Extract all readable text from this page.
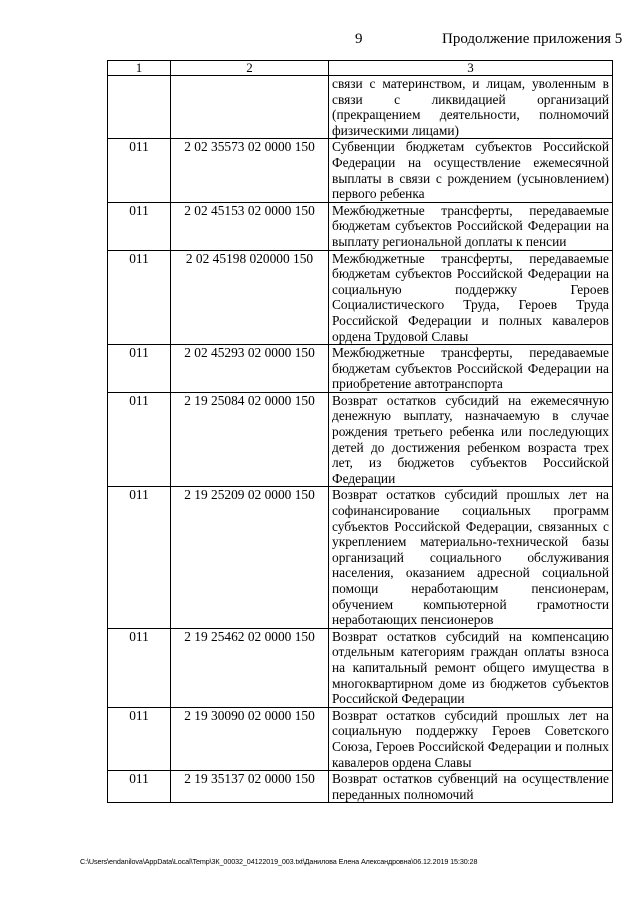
9	Продолжение приложения 5
1	2	3
		связи с материнством, и лицам, уволенным в связи с ликвидацией организаций (прекращением деятельности, полномочий физическими лицами)
011	2 02 35573 02 0000 150	Субвенции бюджетам субъектов Российской Федерации на осуществление ежемесячной выплаты в связи с рождением (усыновлением) первого ребенка
011	2 02 45153 02 0000 150	Межбюджетные трансферты, передаваемые бюджетам субъектов Российской Федерации на выплату региональной доплаты к пенсии
011	2 02 45198 020000 150	Межбюджетные трансферты, передаваемые бюджетам субъектов Российской Федерации на социальную поддержку Героев Социалистического Труда, Героев Труда Российской Федерации и полных кавалеров ордена Трудовой Славы
011	2 02 45293 02 0000 150	Межбюджетные трансферты, передаваемые бюджетам субъектов Российской Федерации на приобретение автотранспорта
011	2 19 25084 02 0000 150	Возврат остатков субсидий на ежемесячную денежную выплату, назначаемую в случае рождения третьего ребенка или последующих детей до достижения ребенком возраста трех лет, из бюджетов субъектов Российской Федерации
011	2 19 25209 02 0000 150	Возврат остатков субсидий прошлых лет на софинансирование социальных программ субъектов Российской Федерации, связанных с укреплением материально-технической базы организаций социального обслуживания населения, оказанием адресной социальной помощи неработающим пенсионерам, обучением компьютерной грамотности неработающих пенсионеров
011	2 19 25462 02 0000 150	Возврат остатков субсидий на компенсацию отдельным категориям граждан оплаты взноса на капитальный ремонт общего имущества в многоквартирном доме из бюджетов субъектов Российской Федерации
011	2 19 30090 02 0000 150	Возврат остатков субсидий прошлых лет на социальную поддержку Героев Советского Союза, Героев Российской Федерации и полных кавалеров ордена Славы
011	2 19 35137 02 0000 150	Возврат остатков субвенций на осуществление переданных полномочий
C:\Users\endanilova\AppData\Local\Temp\3К_00032_04122019_003.txt\Данилова Елена Александровна\06.12.2019 15:30:28
